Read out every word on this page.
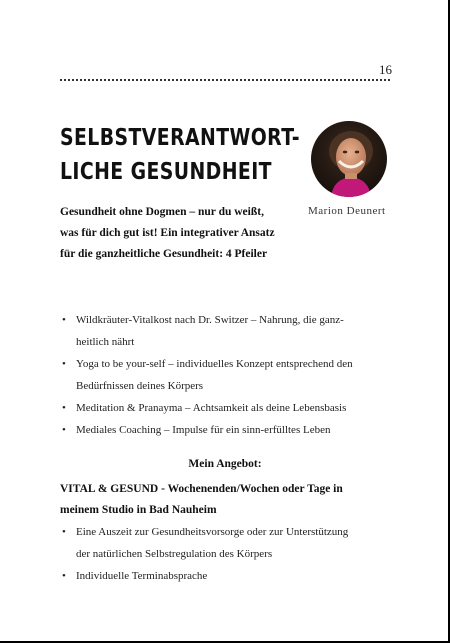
16
SELBSTVERANTWORT-
LICHE GESUNDHEIT
Marion Deunert
Gesundheit ohne Dogmen – nur du weißt,
was für dich gut ist! Ein integrativer Ansatz
für die ganzheitliche Gesundheit: 4 Pfeiler
• Wildkräuter-Vitalkost nach Dr. Switzer – Nahrung, die ganz-
heitlich nährt
• Yoga to be your-self – individuelles Konzept entsprechend den
Bedürfnissen deines Körpers
• Meditation & Pranayma – Achtsamkeit als deine Lebensbasis
• Mediales Coaching – Impulse für ein sinn-erfülltes Leben
Mein Angebot:
VITAL & GESUND - Wochenenden/Wochen oder Tage in
meinem Studio in Bad Nauheim
• Eine Auszeit zur Gesundheitsvorsorge oder zur Unterstützung
der natürlichen Selbstregulation des Körpers
• Individuelle Terminabsprache
